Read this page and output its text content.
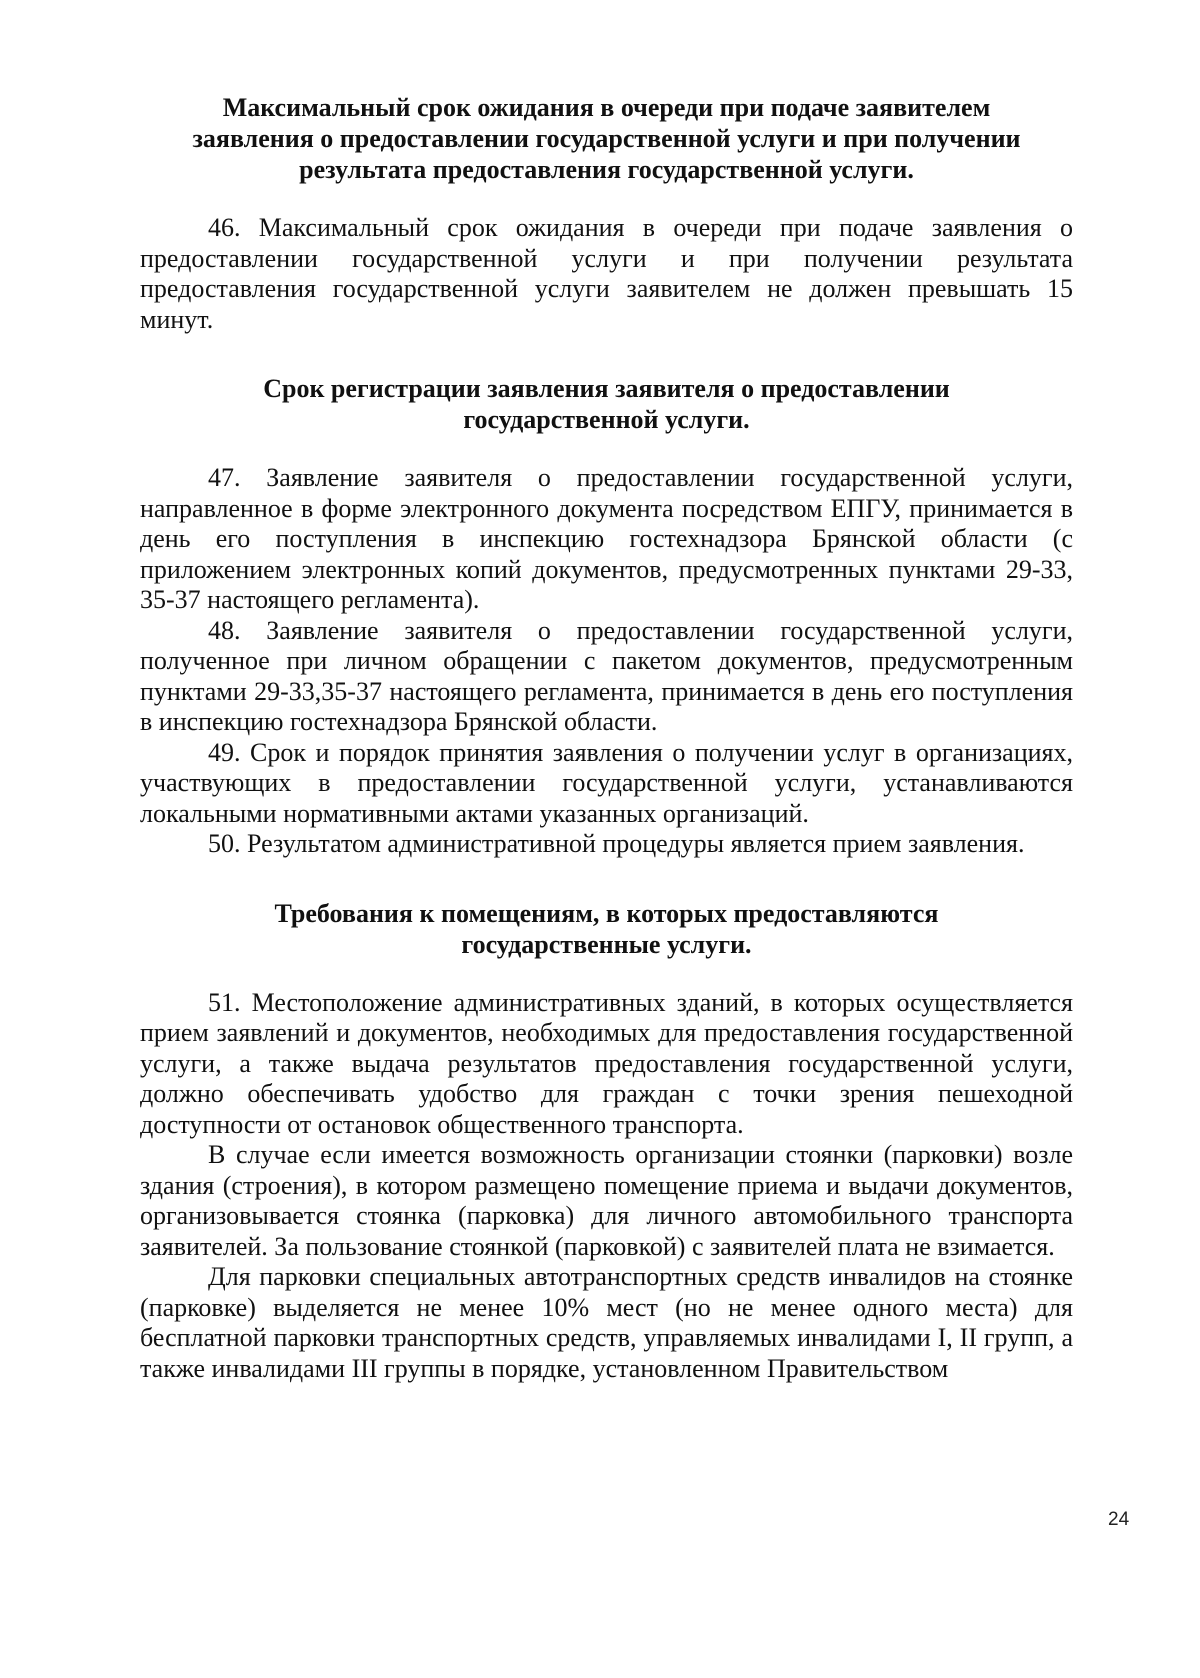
Максимальный срок ожидания в очереди при подаче заявителем
заявления о предоставлении государственной услуги и при получении
результата предоставления государственной услуги.

46. Максимальный срок ожидания в очереди при подаче заявления о предоставлении государственной услуги и при получении результата предоставления государственной услуги заявителем не должен превышать 15 минут.

Срок регистрации заявления заявителя о предоставлении
государственной услуги.

47. Заявление заявителя о предоставлении государственной услуги, направленное в форме электронного документа посредством ЕПГУ, принимается в день его поступления в инспекцию гостехнадзора Брянской области (с приложением электронных копий документов, предусмотренных пунктами 29-33, 35-37 настоящего регламента).

48. Заявление заявителя о предоставлении государственной услуги, полученное при личном обращении с пакетом документов, предусмотренным пунктами 29-33,35-37 настоящего регламента, принимается в день его поступления в инспекцию гостехнадзора Брянской области.

49. Срок и порядок принятия заявления о получении услуг в организациях, участвующих в предоставлении государственной услуги, устанавливаются локальными нормативными актами указанных организаций.

50. Результатом административной процедуры является прием заявления.

Требования к помещениям, в которых предоставляются
государственные услуги.

51. Местоположение административных зданий, в которых осуществляется прием заявлений и документов, необходимых для предоставления государственной услуги, а также выдача результатов предоставления государственной услуги, должно обеспечивать удобство для граждан с точки зрения пешеходной доступности от остановок общественного транспорта.

В случае если имеется возможность организации стоянки (парковки) возле здания (строения), в котором размещено помещение приема и выдачи документов, организовывается стоянка (парковка) для личного автомобильного транспорта заявителей. За пользование стоянкой (парковкой) с заявителей плата не взимается.

Для парковки специальных автотранспортных средств инвалидов на стоянке (парковке) выделяется не менее 10% мест (но не менее одного места) для бесплатной парковки транспортных средств, управляемых инвалидами I, II групп, а также инвалидами III группы в порядке, установленном Правительством

24
